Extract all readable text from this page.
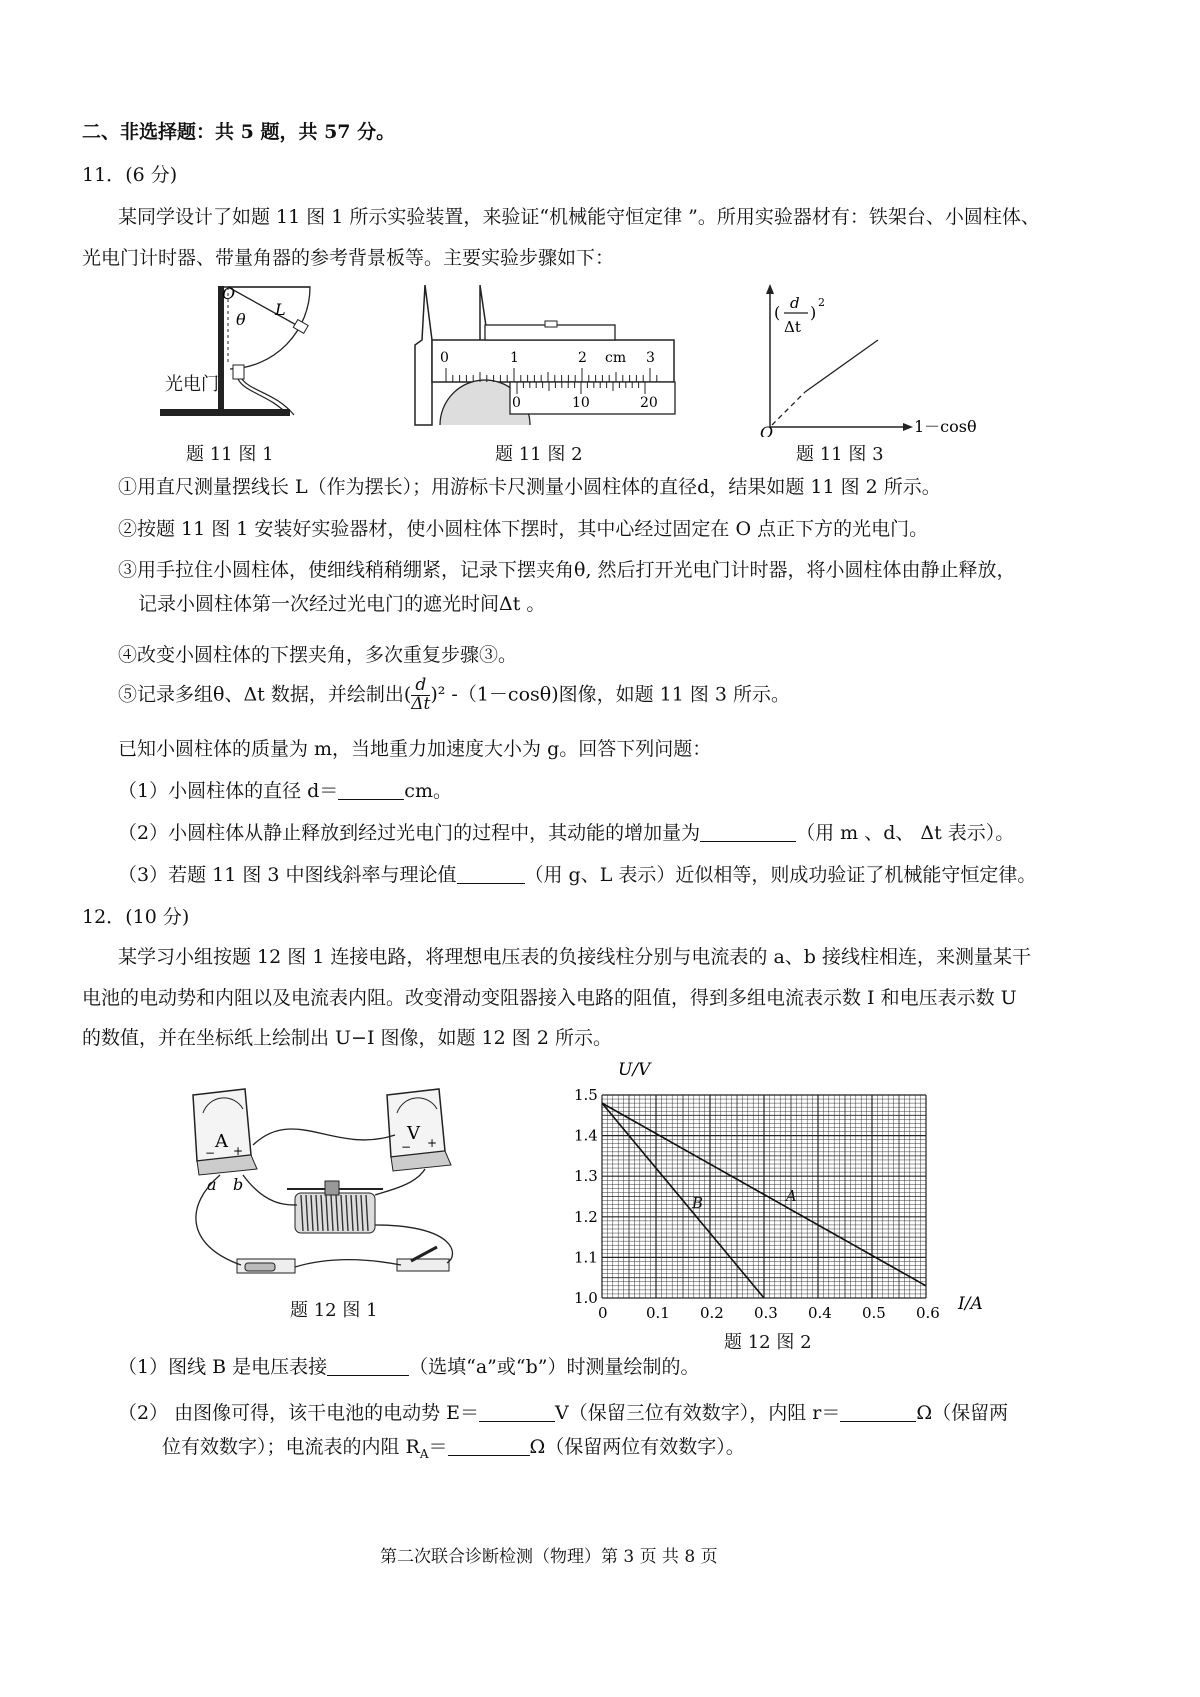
二、非选择题：共 5 题，共 57 分。
11．(6 分)
某同学设计了如题 11 图 1 所示实验装置，来验证“机械能守恒定律 ”。所用实验器材有：铁架台、小圆柱体、
光电门计时器、带量角器的参考背景板等。主要实验步骤如下：
O
θ
L
光电门
题 11 图 1
0	1	2 cm 3
0	10	20
题 11 图 2
O	1－cosθ
( d
Δt
)
2
题 11 图 3
①用直尺测量摆线长 L（作为摆长）；用游标卡尺测量小圆柱体的直径d，结果如题 11 图 2 所示。
②按题 11 图 1 安装好实验器材，使小圆柱体下摆时，其中心经过固定在 O 点正下方的光电门。
③用手拉住小圆柱体，使细线稍稍绷紧，记录下摆夹角θ, 然后打开光电门计时器，将小圆柱体由静止释放，
记录小圆柱体第一次经过光电门的遮光时间Δt 。
④改变小圆柱体的下摆夹角，多次重复步骤③。
⑤记录多组θ、Δt 数据，并绘制出( $\frac{d}{\Delta t} )^2$ -（1－cosθ)图像，如题 11 图 3 所示。
已知小圆柱体的质量为 m，当地重力加速度大小为 g。回答下列问题：
（1）小圆柱体的直径 d＝	cm。
（2）小圆柱体从静止释放到经过光电门的过程中，其动能的增加量为	（用 m 、d、 Δt 表示）。
（3）若题 11 图 3 中图线斜率与理论值	（用 g、L 表示）近似相等，则成功验证了机械能守恒定律。
12．(10 分)
某学习小组按题 12 图 1 连接电路，将理想电压表的负接线柱分别与电流表的 a、b 接线柱相连，来测量某干
电池的电动势和内阻以及电流表内阻。改变滑动变阻器接入电路的阻值，得到多组电流表示数 I 和电压表示数 U
的数值，并在坐标纸上绘制出 U−I 图像，如题 12 图 2 所示。
A
− +
a b
V
− +
题 12 图 1	0	0.1 0.2 0.3 0.4 0.5 0.6
1.0
1.1
1.2
1.3
1.4
1.5
A
B
U/V
I/A
题 12 图 2
（1）图线 B 是电压表接	（选填“a”或“b”）时测量绘制的。
（2） 由图像可得，该干电池的电动势 E＝	V（保留三位有效数字），内阻 r＝	Ω（保留两
位有效数字）；电流表的内阻 $R_A=$	Ω（保留两位有效数字）。
第二次联合诊断检测（物理）第 3 页 共 8 页
